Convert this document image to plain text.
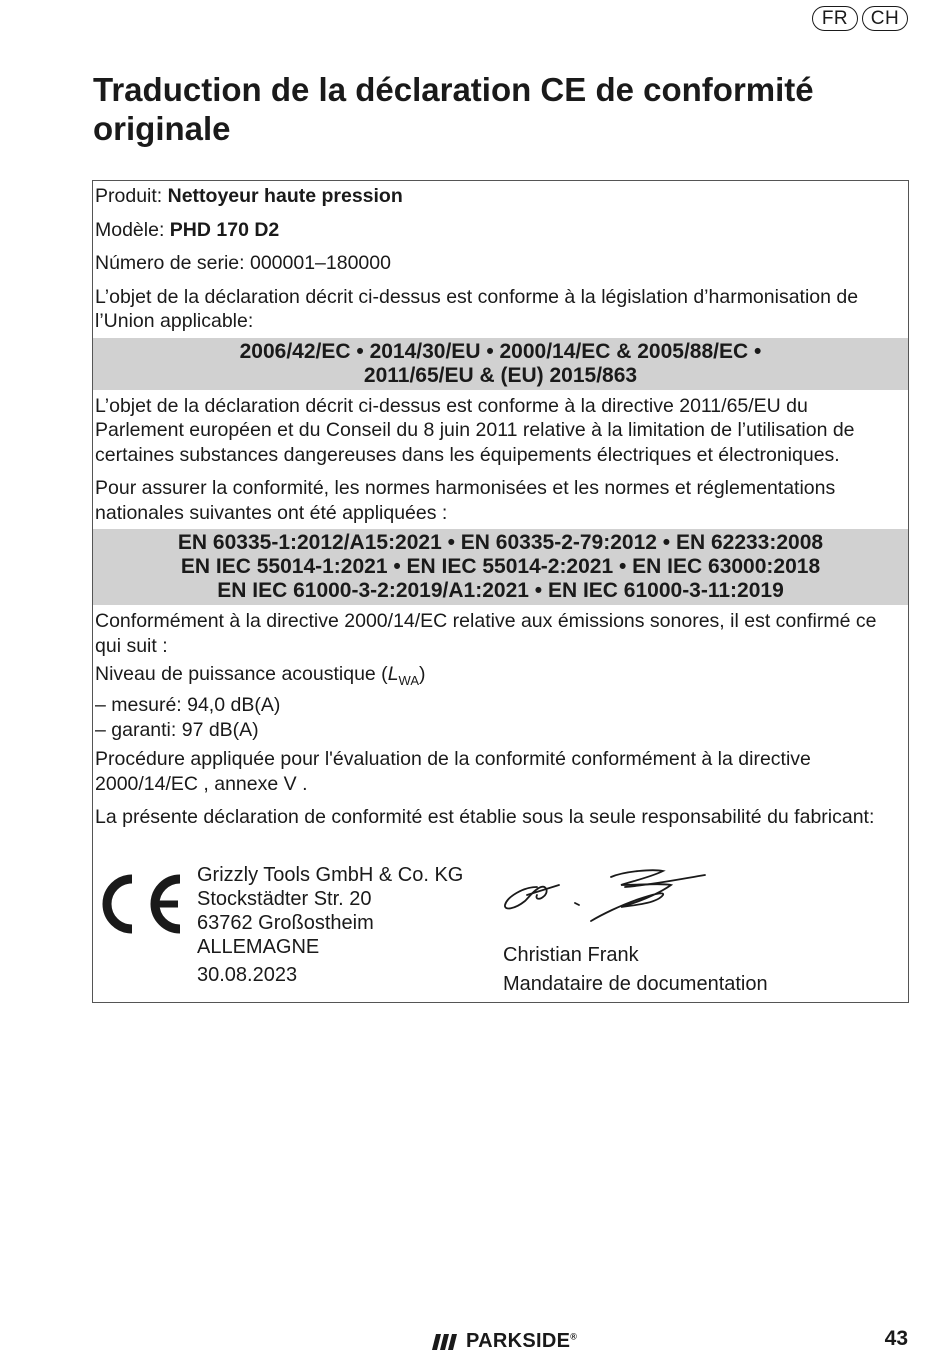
FR	CH
Traduction de la déclaration CE de conformité originale
Produit: Nettoyeur haute pression
Modèle: PHD 170 D2
Número de serie: 000001–180000
L’objet de la déclaration décrit ci-dessus est conforme à la législation d’harmonisation de l’Union applicable:
2006/42/EC • 2014/30/EU • 2000/14/EC & 2005/88/EC •
2011/65/EU & (EU) 2015/863
L’objet de la déclaration décrit ci-dessus est conforme à la directive 2011/65/EU du Parlement européen et du Conseil du 8 juin 2011 relative à la limitation de l’utilisation de certaines substances dangereuses dans les équipements électriques et électroniques.
Pour assurer la conformité, les normes harmonisées et les normes et réglementations nationales suivantes ont été appliquées :
EN 60335-1:2012/A15:2021 • EN 60335-2-79:2012 • EN 62233:2008
EN IEC 55014-1:2021 • EN IEC 55014-2:2021 • EN IEC 63000:2018
EN IEC 61000-3-2:2019/A1:2021 • EN IEC 61000-3-11:2019
Conformément à la directive 2000/14/EC relative aux émissions sonores, il est confirmé ce qui suit :
Niveau de puissance acoustique $(L_{WA})$
– mesuré: 94,0 dB(A)
– garanti: 97 dB(A)
Procédure appliquée pour l'évaluation de la conformité conformément à la directive 2000/14/EC , annexe V .
La présente déclaration de conformité est établie sous la seule responsabilité du fabricant:
Grizzly Tools GmbH & Co. KG
Stockstädter Str. 20
63762 Großostheim
ALLEMAGNE
30.08.2023
Christian Frank
Mandataire de documentation
PARKSIDE®	43
